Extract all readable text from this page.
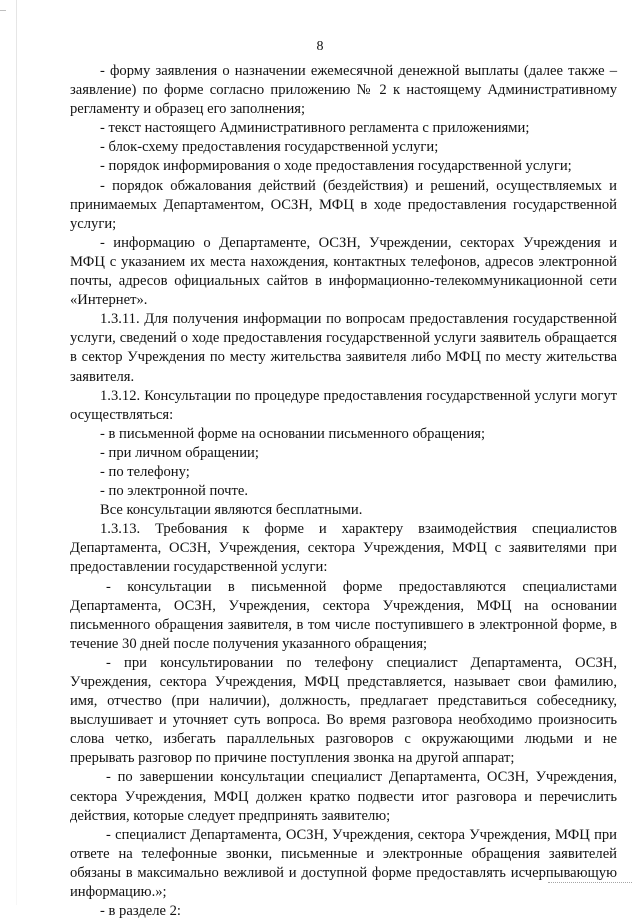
8

- форму заявления о назначении ежемесячной денежной выплаты (далее также – заявление) по форме согласно приложению № 2 к настоящему Административному регламенту и образец его заполнения;

- текст настоящего Административного регламента с приложениями;

- блок-схему предоставления государственной услуги;

- порядок информирования о ходе предоставления государственной услуги;

- порядок обжалования действий (бездействия) и решений, осуществляемых и принимаемых Департаментом, ОСЗН, МФЦ в ходе предоставления государственной услуги;

- информацию о Департаменте, ОСЗН, Учреждении, секторах Учреждения и МФЦ с указанием их места нахождения, контактных телефонов, адресов электронной почты, адресов официальных сайтов в информационно-телекоммуникационной сети «Интернет».

1.3.11. Для получения информации по вопросам предоставления государственной услуги, сведений о ходе предоставления государственной услуги заявитель обращается в сектор Учреждения по месту жительства заявителя либо МФЦ по месту жительства заявителя.

1.3.12. Консультации по процедуре предоставления государственной услуги могут осуществляться:

- в письменной форме на основании письменного обращения;

- при личном обращении;

- по телефону;

- по электронной почте.

Все консультации являются бесплатными.

1.3.13. Требования к форме и характеру взаимодействия специалистов Департамента, ОСЗН, Учреждения, сектора Учреждения, МФЦ с заявителями при предоставлении государственной услуги:

- консультации в письменной форме предоставляются специалистами Департамента, ОСЗН, Учреждения, сектора Учреждения, МФЦ на основании письменного обращения заявителя, в том числе поступившего в электронной форме, в течение 30 дней после получения указанного обращения;

- при консультировании по телефону специалист Департамента, ОСЗН, Учреждения, сектора Учреждения, МФЦ представляется, называет свои фамилию, имя, отчество (при наличии), должность, предлагает представиться собеседнику, выслушивает и уточняет суть вопроса. Во время разговора необходимо произносить слова четко, избегать параллельных разговоров с окружающими людьми и не прерывать разговор по причине поступления звонка на другой аппарат;

- по завершении консультации специалист Департамента, ОСЗН, Учреждения, сектора Учреждения, МФЦ должен кратко подвести итог разговора и перечислить действия, которые следует предпринять заявителю;

- специалист Департамента, ОСЗН, Учреждения, сектора Учреждения, МФЦ при ответе на телефонные звонки, письменные и электронные обращения заявителей обязаны в максимально вежливой и доступной форме предоставлять исчерпывающую информацию.»;

- в разделе 2:
